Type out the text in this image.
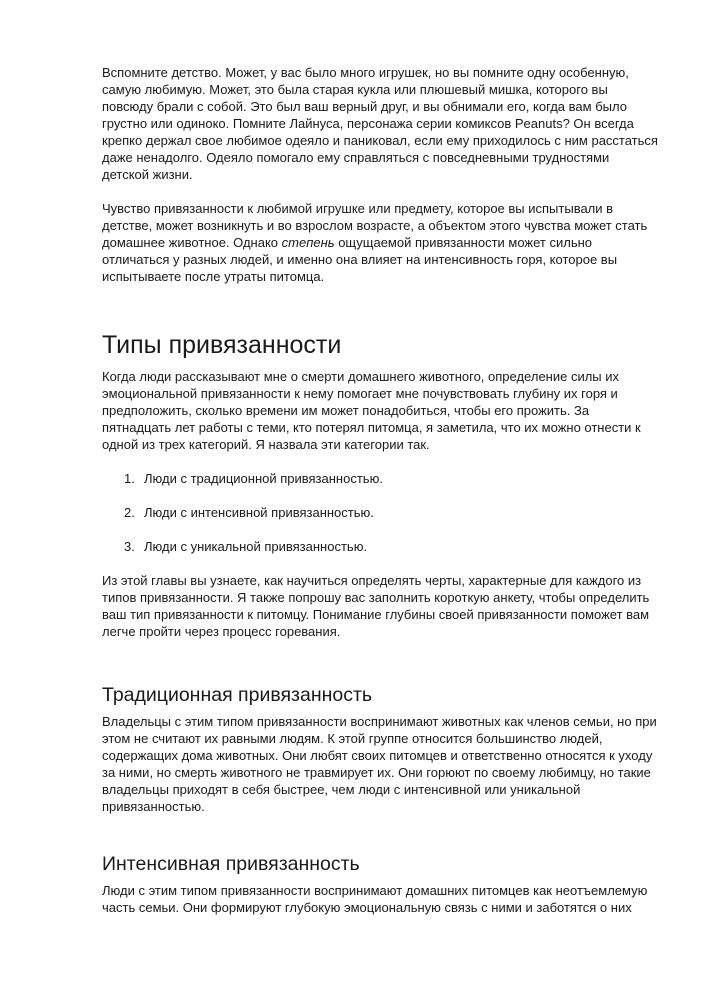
Вспомните детство. Может, у вас было много игрушек, но вы помните одну особенную, самую любимую. Может, это была старая кукла или плюшевый мишка, которого вы повсюду брали с собой. Это был ваш верный друг, и вы обнимали его, когда вам было грустно или одиноко. Помните Лайнуса, персонажа серии комиксов Peanuts? Он всегда крепко держал свое любимое одеяло и паниковал, если ему приходилось с ним расстаться даже ненадолго. Одеяло помогало ему справляться с повседневными трудностями детской жизни.

Чувство привязанности к любимой игрушке или предмету, которое вы испытывали в детстве, может возникнуть и во взрослом возрасте, а объектом этого чувства может стать домашнее животное. Однако степень ощущаемой привязанности может сильно отличаться у разных людей, и именно она влияет на интенсивность горя, которое вы испытываете после утраты питомца.

Типы привязанности

Когда люди рассказывают мне о смерти домашнего животного, определение силы их эмоциональной привязанности к нему помогает мне почувствовать глубину их горя и предположить, сколько времени им может понадобиться, чтобы его прожить. За пятнадцать лет работы с теми, кто потерял питомца, я заметила, что их можно отнести к одной из трех категорий. Я назвала эти категории так.

1. Люди с традиционной привязанностью.
2. Люди с интенсивной привязанностью.
3. Люди с уникальной привязанностью.

Из этой главы вы узнаете, как научиться определять черты, характерные для каждого из типов привязанности. Я также попрошу вас заполнить короткую анкету, чтобы определить ваш тип привязанности к питомцу. Понимание глубины своей привязанности поможет вам легче пройти через процесс горевания.

Традиционная привязанность

Владельцы с этим типом привязанности воспринимают животных как членов семьи, но при этом не считают их равными людям. К этой группе относится большинство людей, содержащих дома животных. Они любят своих питомцев и ответственно относятся к уходу за ними, но смерть животного не травмирует их. Они горюют по своему любимцу, но такие владельцы приходят в себя быстрее, чем люди с интенсивной или уникальной привязанностью.

Интенсивная привязанность

Люди с этим типом привязанности воспринимают домашних питомцев как неотъемлемую часть семьи. Они формируют глубокую эмоциональную связь с ними и заботятся о них
